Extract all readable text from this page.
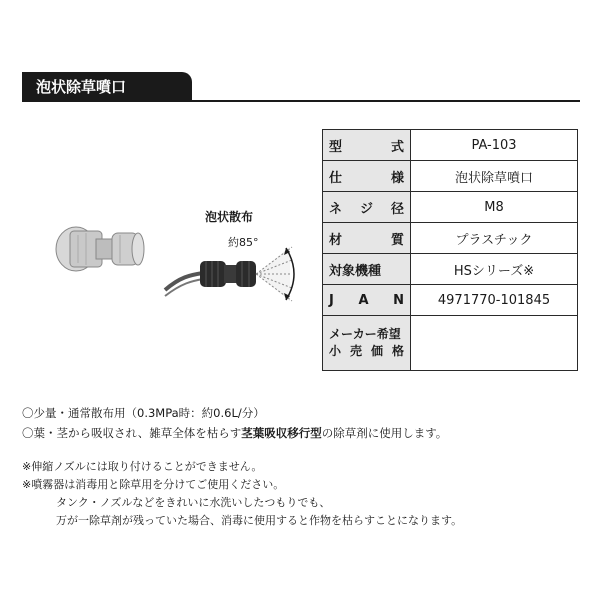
泡状除草噴口
泡状散布
約85°
型 式	PA-103

仕 様	泡状除草噴口

ネ ジ 径	M8

材 質	プラスチック
対象機種	HSシリーズ※

J A N	4971770-101845

メーカー希望
小 売 価 格	

〇少量・通常散布用（0.3MPa時：約0.6L/分）
〇葉・茎から吸収され、雑草全体を枯らす茎葉吸収移行型の除草剤に使用します。
※伸縮ノズルには取り付けることができません。
※噴霧器は消毒用と除草用を分けてご使用ください。
タンク・ノズルなどをきれいに水洗いしたつもりでも、
万が一除草剤が残っていた場合、消毒に使用すると作物を枯らすことになります。
